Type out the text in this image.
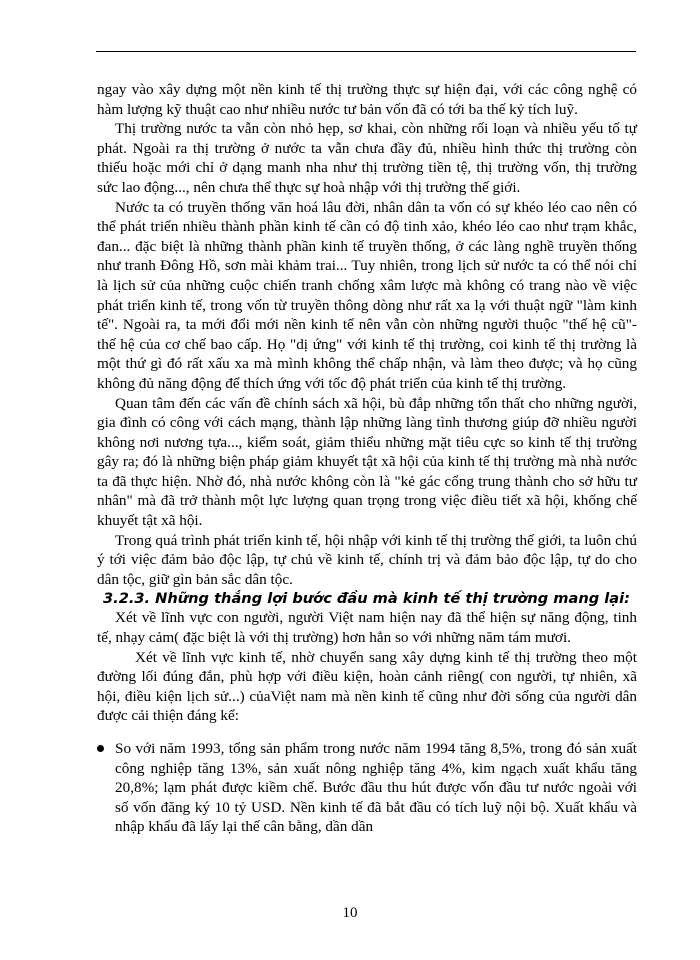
ngay vào xây dựng một nền kinh tế thị trường thực sự hiện đại, với các công nghệ có hàm lượng kỹ thuật cao như nhiều nước tư bản vốn đã có tới ba thế kỷ tích luỹ.

Thị trường nước ta vẫn còn nhỏ hẹp, sơ khai, còn những rối loạn và nhiều yếu tố tự phát. Ngoài ra thị trường ở nước ta vẫn chưa đầy đủ, nhiều hình thức thị trường còn thiếu hoặc mới chỉ ở dạng manh nha như thị trường tiền tệ, thị trường vốn, thị trường sức lao động..., nên chưa thể thực sự hoà nhập với thị trường thế giới.

Nước ta có truyền thống văn hoá lâu đời, nhân dân ta vốn có sự khéo léo cao nên có thể phát triển nhiều thành phần kinh tế cần có độ tinh xảo, khéo léo cao như trạm khắc, đan... đặc biệt là những thành phần kinh tế truyền thống, ở các làng nghề truyền thống như tranh Đông Hồ, sơn mài khảm trai... Tuy nhiên, trong lịch sử nước ta có thể nói chỉ là lịch sử của những cuộc chiến tranh chống xâm lược mà không có trang nào về việc phát triển kinh tế, trong vốn từ truyền thông dòng như rất xa lạ với thuật ngữ "làm kinh tế". Ngoài ra, ta mới đổi mới nền kinh tế nên vẫn còn những người thuộc "thế hệ cũ"- thế hệ của cơ chế bao cấp. Họ "dị ứng" với kinh tế thị trường, coi kinh tế thị trường là một thứ gì đó rất xấu xa mà mình không thể chấp nhận, và làm theo được; và họ cũng không đủ năng động để thích ứng với tốc độ phát triển của kinh tế thị trường.

Quan tâm đến các vấn đề chính sách xã hội, bù đắp những tổn thất cho những người, gia đình có công với cách mạng, thành lập những làng tình thương giúp đỡ nhiều người không nơi nương tựa..., kiểm soát, giảm thiểu những mặt tiêu cực so kinh tế thị trường gây ra; đó là những biện pháp giảm khuyết tật xã hội của kinh tế thị trường mà nhà nước ta đã thực hiện. Nhờ đó, nhà nước không còn là "kẻ gác cổng trung thành cho sở hữu tư nhân" mà đã trở thành một lực lượng quan trọng trong việc điều tiết xã hội, khống chế khuyết tật xã hội.

Trong quá trình phát triển kinh tế, hội nhập với kinh tế thị trường thế giới, ta luôn chú ý tới việc đảm bảo độc lập, tự chủ về kinh tế, chính trị và đảm bảo độc lập, tự do cho dân tộc, giữ gìn bản sắc dân tộc.

3.2.3. Những thắng lợi bước đầu mà kinh tế thị trường mang lại:

Xét về lĩnh vực con người, người Việt nam hiện nay đã thể hiện sự năng động, tinh tế, nhạy cảm( đặc biệt là với thị trường) hơn hẳn so với những năm tám mươi.

Xét về lĩnh vực kinh tế, nhờ chuyển sang xây dựng kinh tế thị trường theo một đường lối đúng đắn, phù hợp với điều kiện, hoàn cảnh riêng( con người, tự nhiên, xã hội, điều kiện lịch sử...) củaViệt nam mà nền kinh tế cũng như đời sống của người dân được cải thiện đáng kể:

So với năm 1993, tổng sản phẩm trong nước năm 1994 tăng 8,5%, trong đó sản xuất công nghiệp tăng 13%, sản xuất nông nghiệp tăng 4%, kim ngạch xuất khẩu tăng 20,8%; lạm phát được kiềm chế. Bước đầu thu hút được vốn đầu tư nước ngoài với số vốn đăng ký 10 tỷ USD. Nền kinh tế đã bắt đầu có tích luỹ nội bộ. Xuất khẩu và nhập khẩu đã lấy lại thế cân bằng, dần dần

10
